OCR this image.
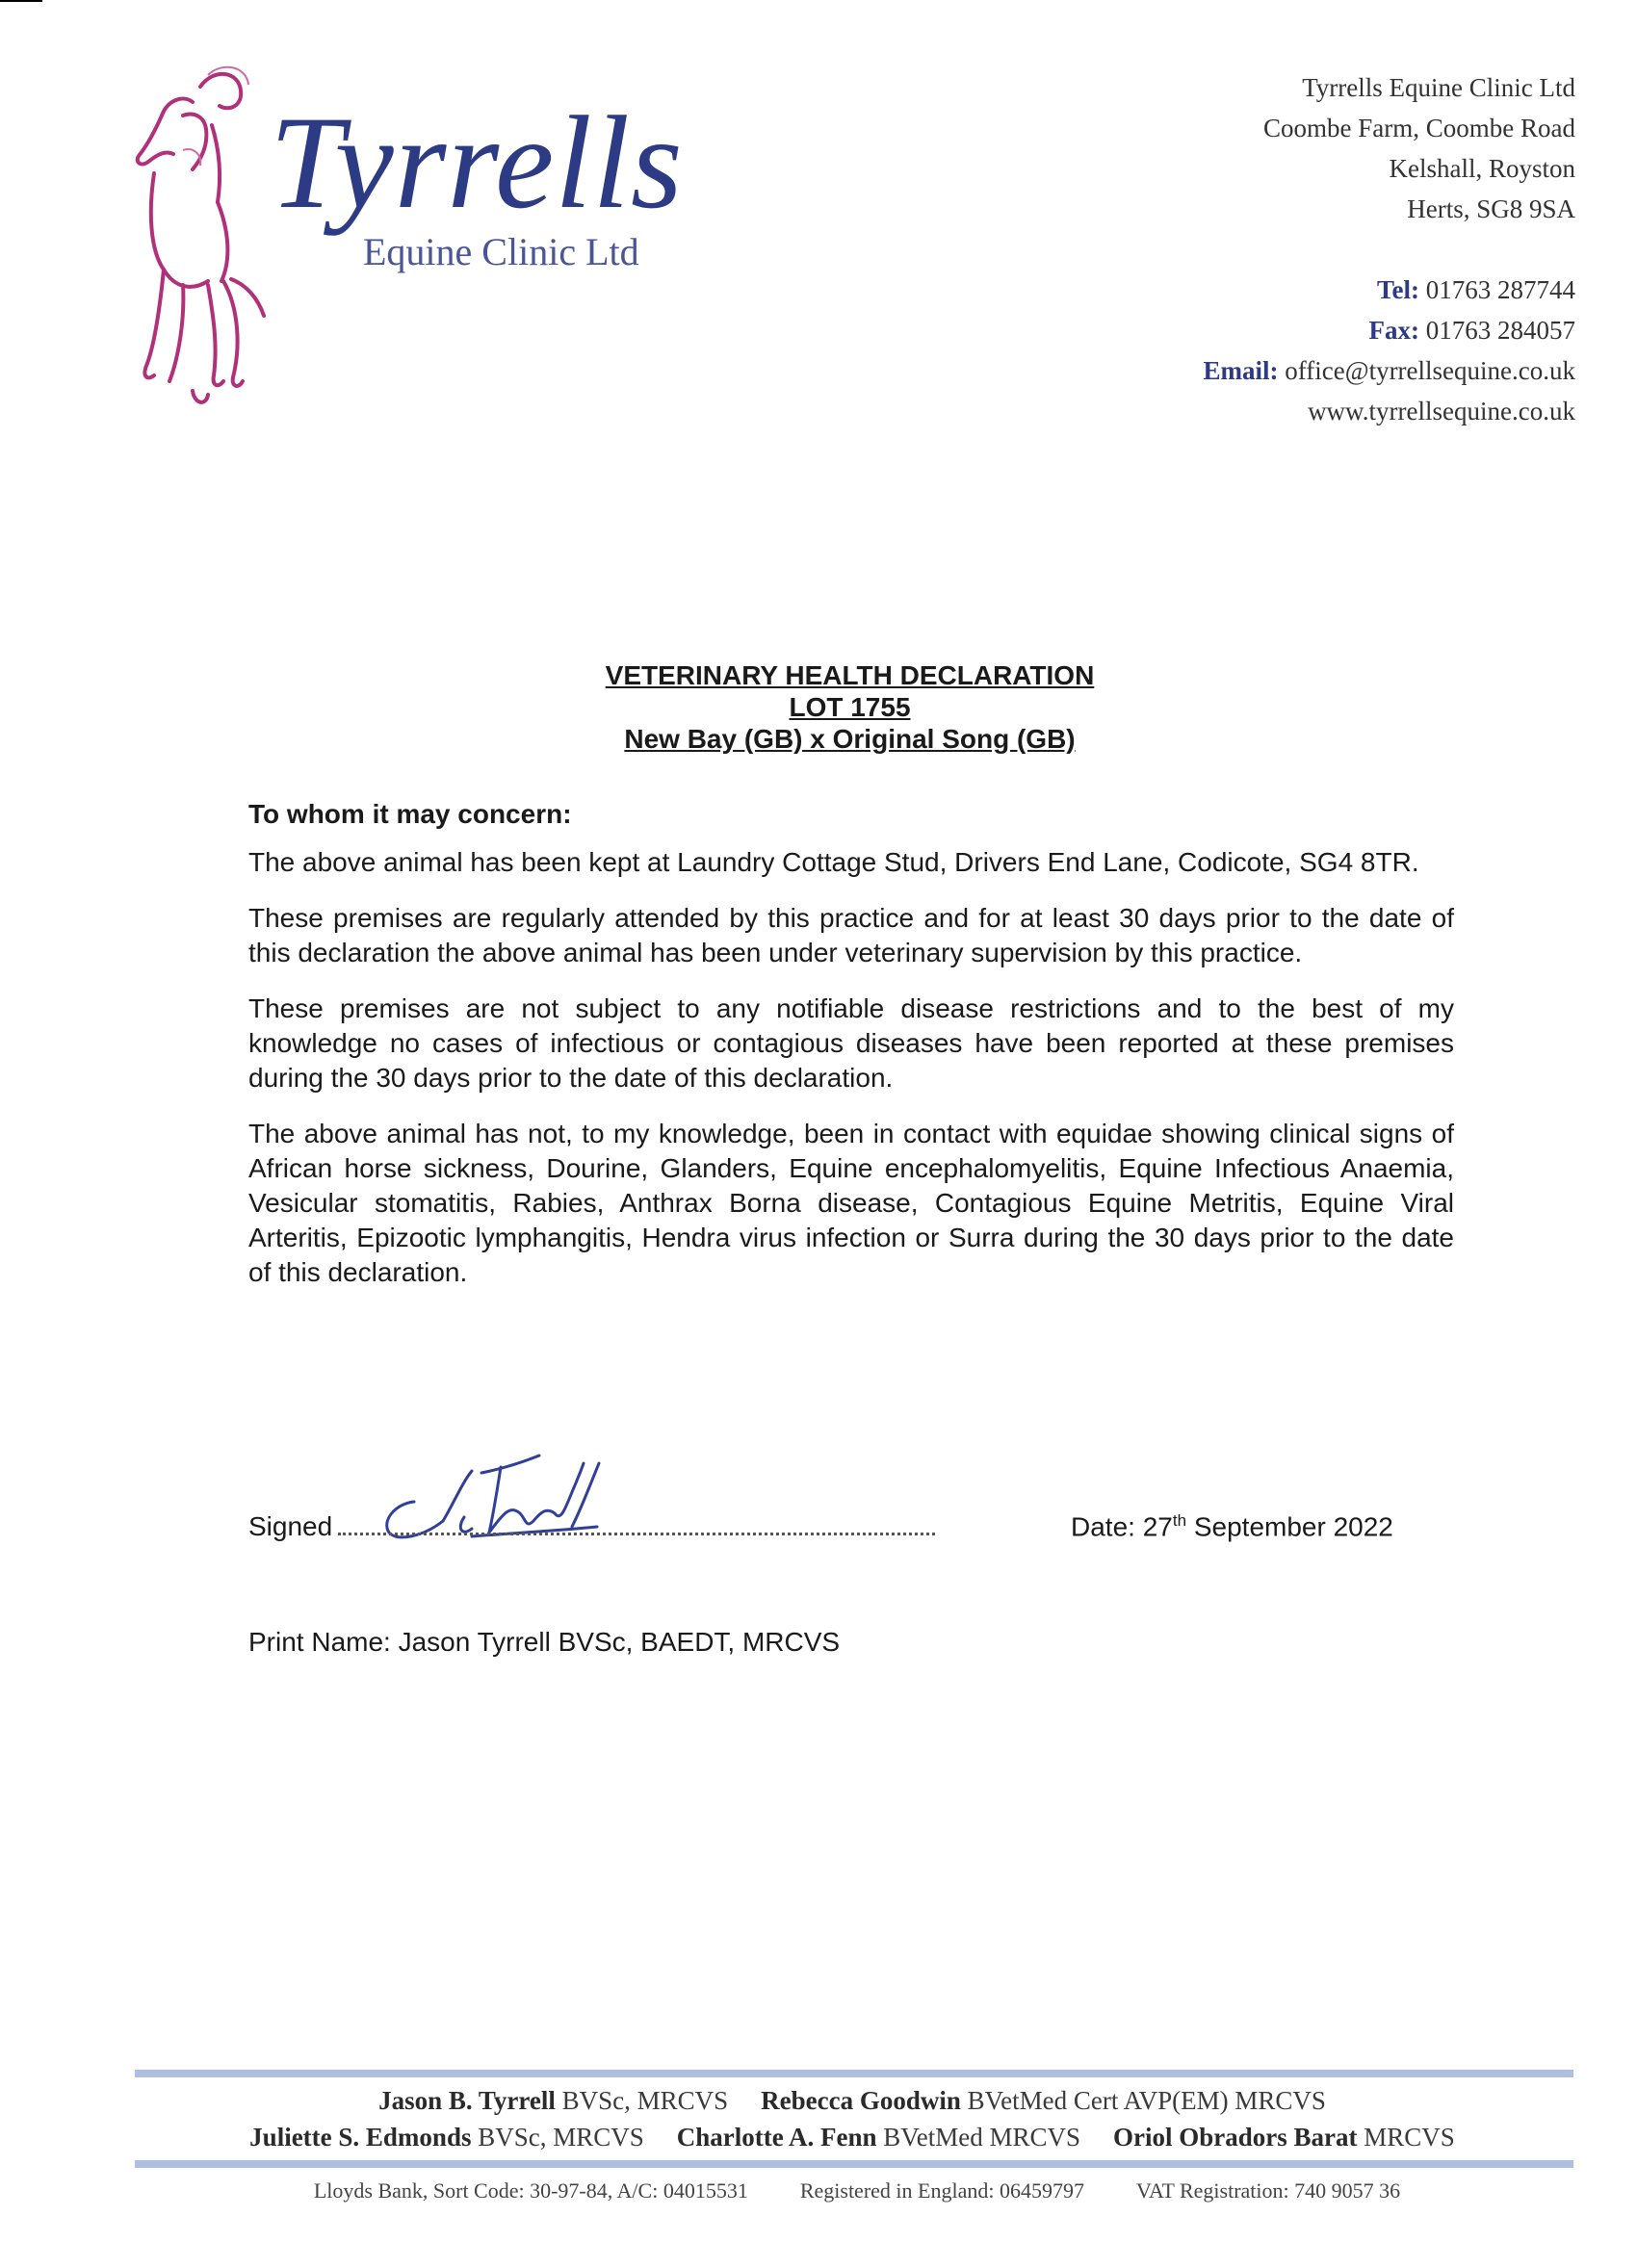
Tyrrells
Equine Clinic Ltd
Tyrrells Equine Clinic Ltd
Coombe Farm, Coombe Road
Kelshall, Royston
Herts, SG8 9SA
Tel: 01763 287744
Fax: 01763 284057
Email: office@tyrrellsequine.co.uk
www.tyrrellsequine.co.uk
VETERINARY HEALTH DECLARATION
LOT 1755
New Bay (GB) x Original Song (GB)

To whom it may concern:

The above animal has been kept at Laundry Cottage Stud, Drivers End Lane, Codicote, SG4 8TR.

These premises are regularly attended by this practice and for at least 30 days prior to the date of this declaration the above animal has been under veterinary supervision by this practice.

These premises are not subject to any notifiable disease restrictions and to the best of my knowledge no cases of infectious or contagious diseases have been reported at these premises during the 30 days prior to the date of this declaration.

The above animal has not, to my knowledge, been in contact with equidae showing clinical signs of African horse sickness, Dourine, Glanders, Equine encephalomyelitis, Equine Infectious Anaemia, Vesicular stomatitis, Rabies, Anthrax Borna disease, Contagious Equine Metritis, Equine Viral Arteritis, Epizootic lymphangitis, Hendra virus infection or Surra during the 30 days prior to the date of this declaration.

Signed	Date: 27th September 2022
Print Name: Jason Tyrrell BVSc, BAEDT, MRCVS
Jason B. Tyrrell BVSc, MRCVS Rebecca Goodwin BVetMed Cert AVP(EM) MRCVS
Juliette S. Edmonds BVSc, MRCVS Charlotte A. Fenn BVetMed MRCVS Oriol Obradors Barat MRCVS
Lloyds Bank, Sort Code: 30-97-84, A/C: 04015531 Registered in England: 06459797 VAT Registration: 740 9057 36
